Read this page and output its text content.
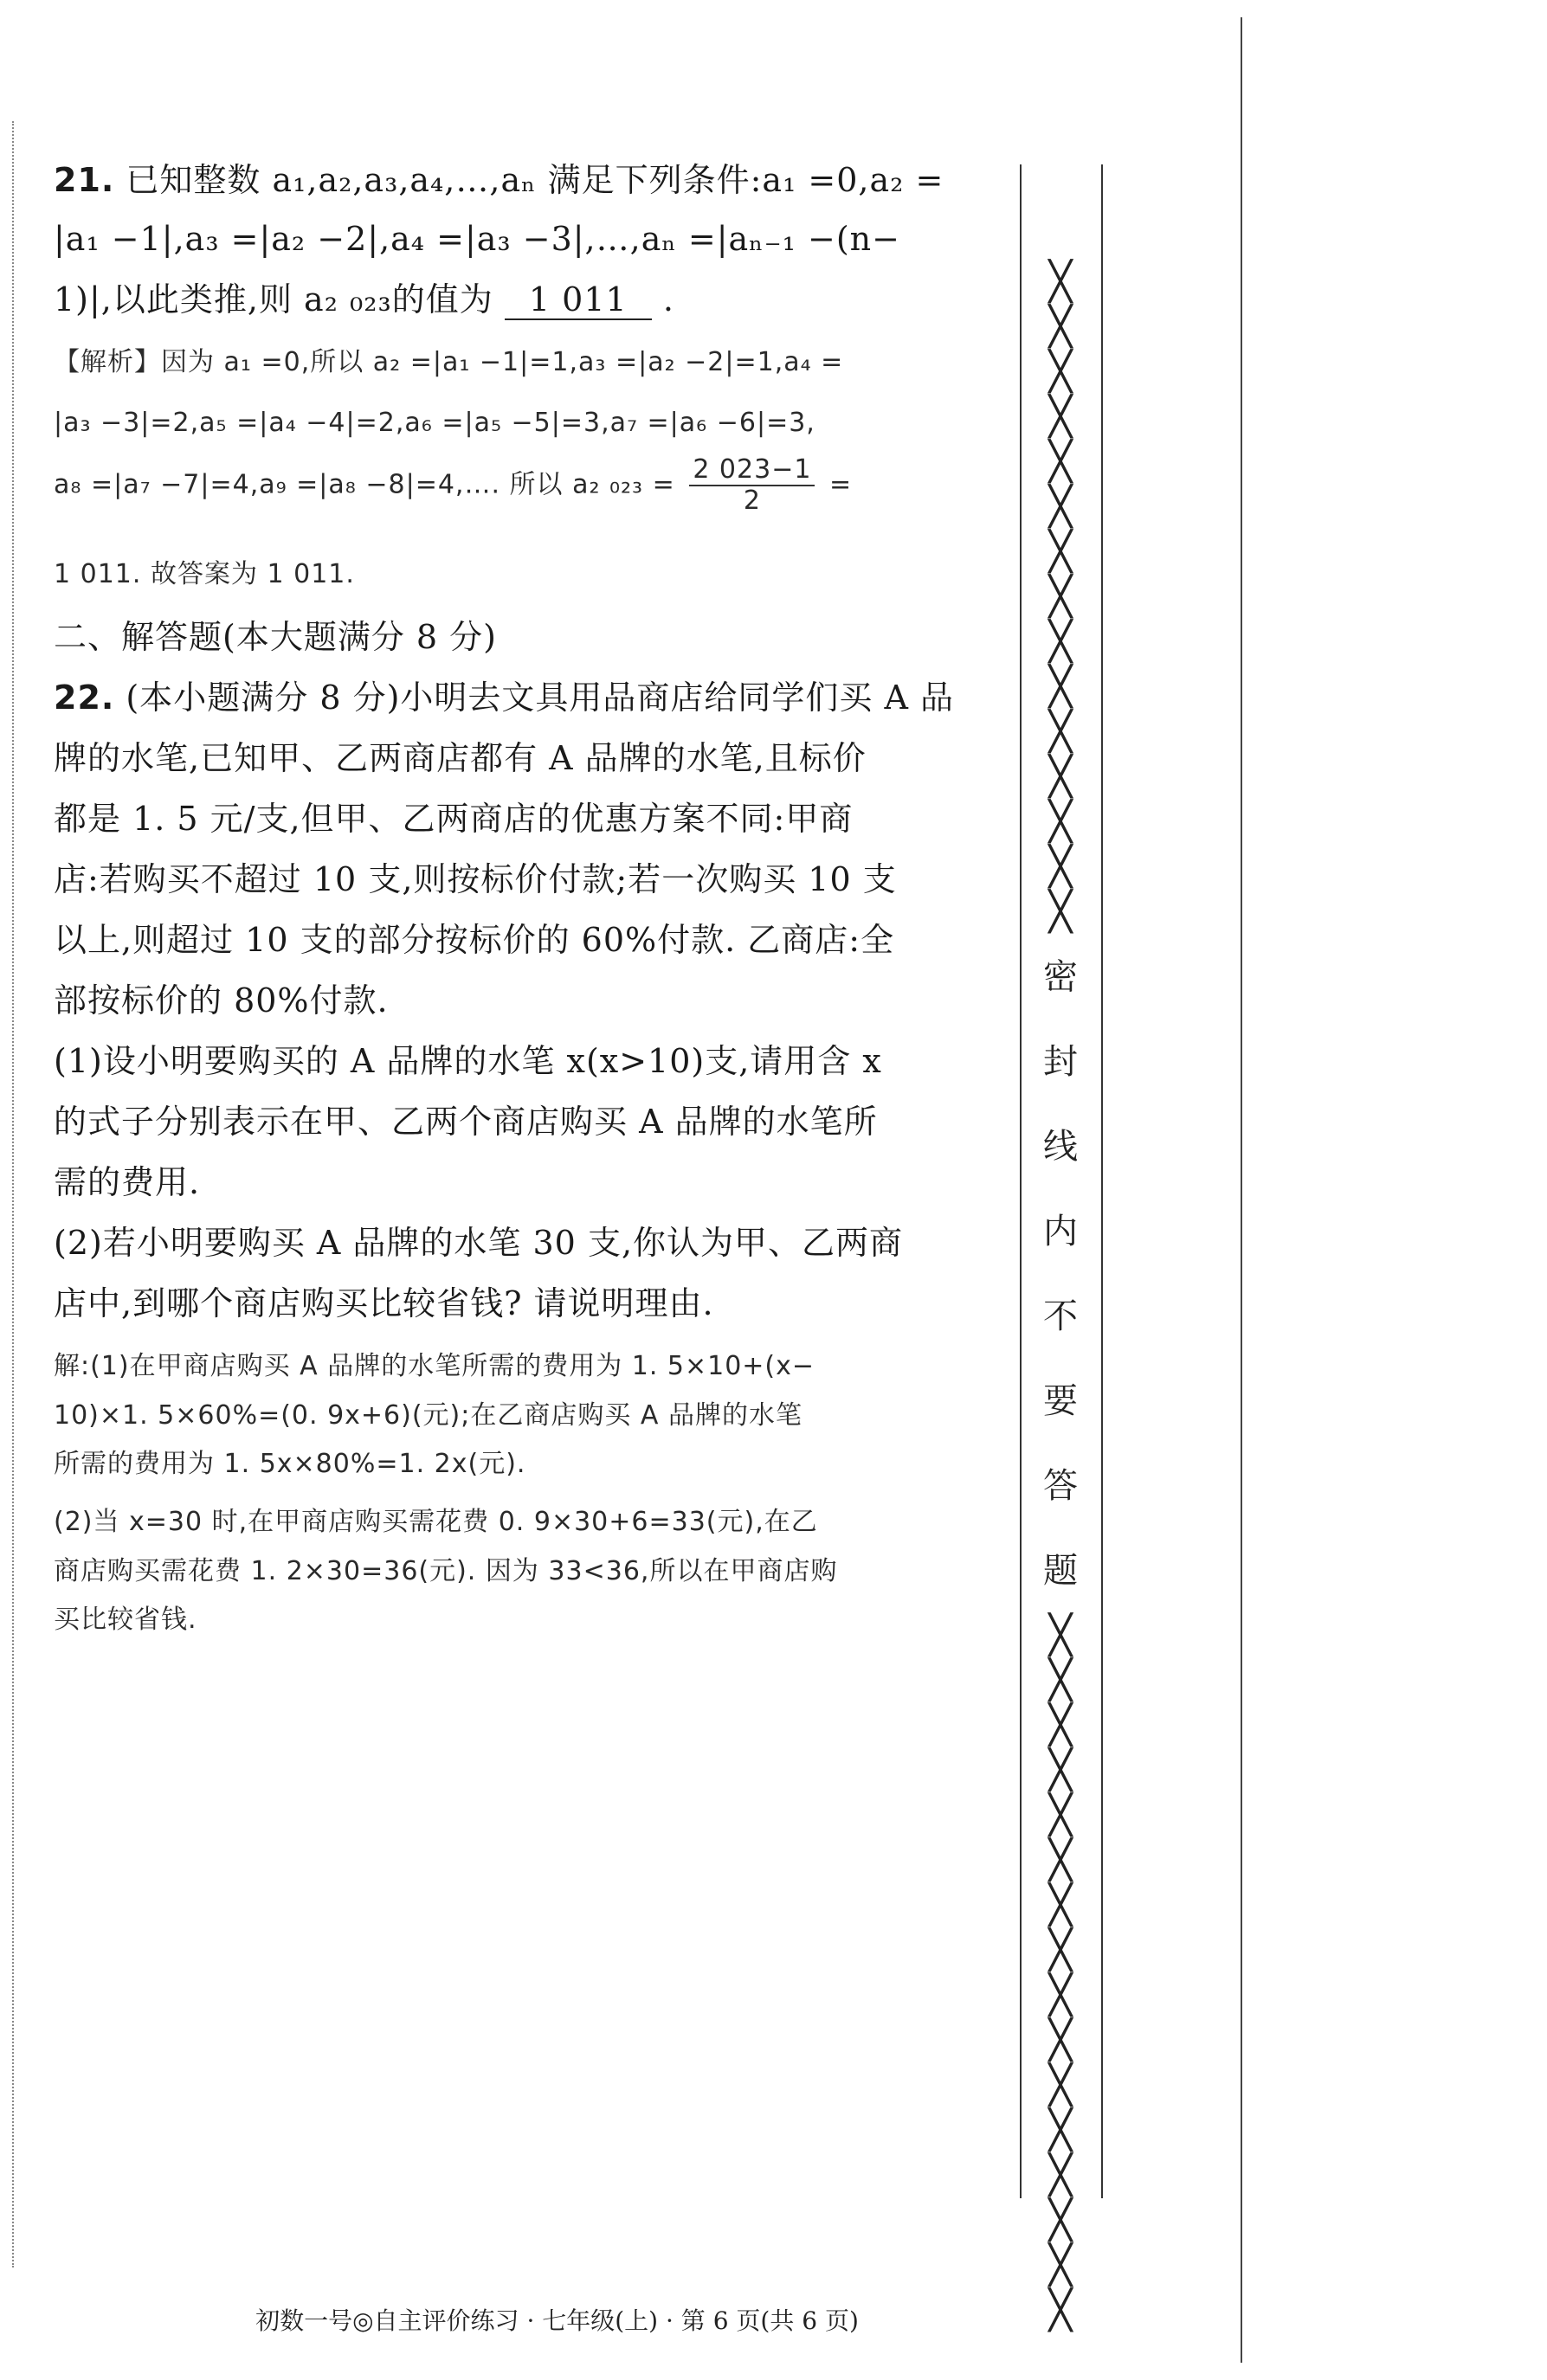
21. 已知整数 a₁,a₂,a₃,a₄,…,aₙ 满足下列条件:a₁ =0,a₂ =
|a₁ −1|,a₃ =|a₂ −2|,a₄ =|a₃ −3|,…,aₙ =|aₙ₋₁ −(n−
1)|,以此类推,则 a₂ ₀₂₃的值为 1 011 .
【解析】因为 a₁ =0,所以 a₂ =|a₁ −1|=1,a₃ =|a₂ −2|=1,a₄ =
|a₃ −3|=2,a₅ =|a₄ −4|=2,a₆ =|a₅ −5|=3,a₇ =|a₆ −6|=3,
a₈ =|a₇ −7|=4,a₉ =|a₈ −8|=4,…. 所以 a₂ $_{023} = \frac{2 023-1}{2}$ =
1 011. 故答案为 1 011.
二、解答题(本大题满分 8 分)
22. (本小题满分 8 分)小明去文具用品商店给同学们买 A 品
牌的水笔,已知甲、乙两商店都有 A 品牌的水笔,且标价
都是 1. 5 元/支,但甲、乙两商店的优惠方案不同:甲商
店:若购买不超过 10 支,则按标价付款;若一次购买 10 支
以上,则超过 10 支的部分按标价的 60%付款. 乙商店:全
部按标价的 80%付款.
(1)设小明要购买的 A 品牌的水笔 x(x>10)支,请用含 x
的式子分别表示在甲、乙两个商店购买 A 品牌的水笔所
需的费用.
(2)若小明要购买 A 品牌的水笔 30 支,你认为甲、乙两商
店中,到哪个商店购买比较省钱? 请说明理由.
解:(1)在甲商店购买 A 品牌的水笔所需的费用为 1. 5×10+(x−
10)×1. 5×60%=(0. 9x+6)(元);在乙商店购买 A 品牌的水笔
所需的费用为 1. 5x×80%=1. 2x(元).
(2)当 x=30 时,在甲商店购买需花费 0. 9×30+6=33(元),在乙
商店购买需花费 1. 2×30=36(元). 因为 33<36,所以在甲商店购
买比较省钱.
╳
╳
╳
╳
╳
╳
╳
╳
╳
╳
╳
╳
╳
╳
╳
密
封
线
内
不
要
答
题
╳
╳
╳
╳
╳
╳
╳
╳
╳
╳
╳
╳
╳
╳
╳
╳
初数一号◎自主评价练习 · 七年级(上) · 第 6 页(共 6 页)
